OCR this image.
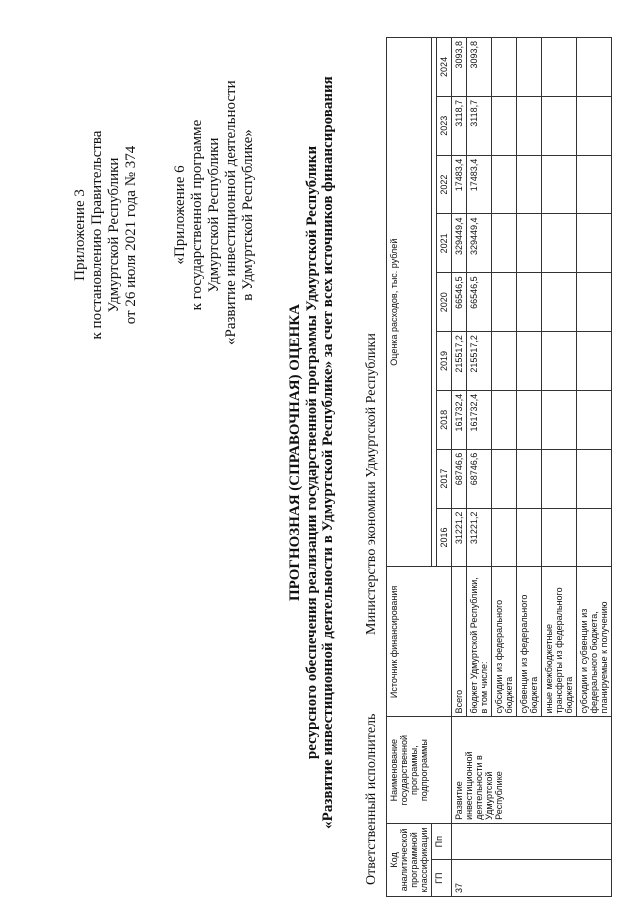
Приложение 3 к постановлению Правительства Удмуртской Республики от 26 июля 2021 года № 374 «Приложение 6 к государственной программе Удмуртской Республики «Развитие инвестиционной деятельности в Удмуртской Республике»
ПРОГНОЗНАЯ (СПРАВОЧНАЯ) ОЦЕНКА ресурсного обеспечения реализации государственной программы Удмуртской Республики «Развитие инвестиционной деятельности в Удмуртской Республике» за счет всех источников финансирования Ответственный исполнитель
Министерство экономики Удмуртской Республики
Код аналитической программной классификации		Наименование государственной программы, подпрограммы	Источник финансирования	Оценка расходов, тыс. рублей								
ГП	Пп											
				2016	2017	2018	2019	2020	2021	2022	2023	2024
37		Развитие инвестиционной деятельности в Удмуртской Республике	Всего	31221,2	68746,6	161732,4	215517,2	66546,5	329449,4	17483,4	3118,7	3093,8
			бюджет Удмуртской Республики, в том числе:	31221,2	68746,6	161732,4	215517,2	66546,5	329449,4	17483,4	3118,7	3093,8
			субсидии из федерального бюджета									
			субвенции из федерального бюджета									
			иные межбюджетные трансферты из федерального бюджета									
			субсидии и субвенции из федерального бюджета, планируемые к получению									
